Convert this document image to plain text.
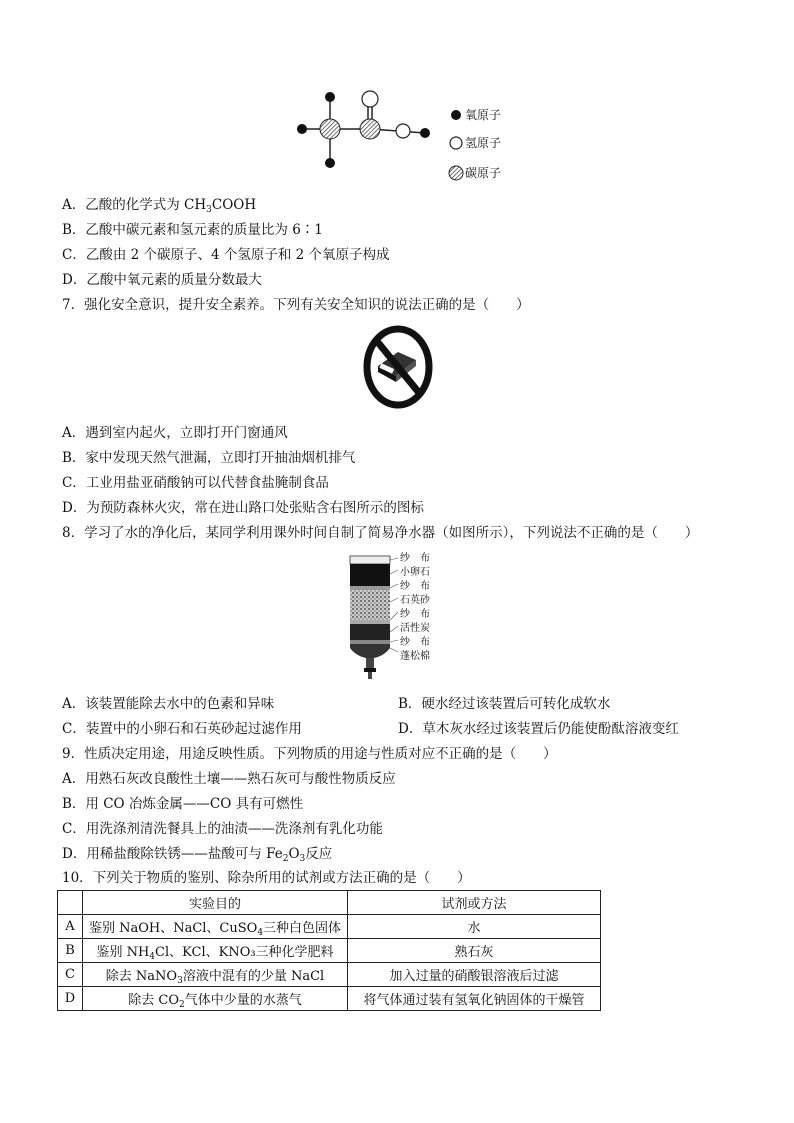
氧原子
氢原子
碳原子
A．乙酸的化学式为 $CH_3COOH$
B．乙酸中碳元素和氢元素的质量比为 6∶1
C．乙酸由 2 个碳原子、4 个氢原子和 2 个氧原子构成
D．乙酸中氧元素的质量分数最大
7．强化安全意识，提升安全素养。下列有关安全知识的说法正确的是（　　）
A．遇到室内起火，立即打开门窗通风
B．家中发现天然气泄漏，立即打开抽油烟机排气
C．工业用盐亚硝酸钠可以代替食盐腌制食品
D．为预防森林火灾，常在进山路口处张贴含右图所示的图标
8．学习了水的净化后，某同学利用课外时间自制了简易净水器（如图所示），下列说法不正确的是（　　）
纱　布
小卵石
纱　布
石英砂
纱　布
活性炭
纱　布
蓬松棉
A．该装置能除去水中的色素和异味	B．硬水经过该装置后可转化成软水
C．装置中的小卵石和石英砂起过滤作用	D．草木灰水经过该装置后仍能使酚酞溶液变红
9．性质决定用途，用途反映性质。下列物质的用途与性质对应不正确的是（　　）
A．用熟石灰改良酸性土壤——熟石灰可与酸性物质反应
B．用 CO 冶炼金属——CO 具有可燃性
C．用洗涤剂清洗餐具上的油渍——洗涤剂有乳化功能
D．用稀盐酸除铁锈——盐酸可与 $Fe_2O_3$反应
10．下列关于物质的鉴别、除杂所用的试剂或方法正确的是（　　）
	实验目的	试剂或方法
A	鉴别 NaOH、NaCl、CuSO$_4$三种白色固体	水
B	鉴别 $NH_4Cl$、KCl、KNO₃三种化学肥料	熟石灰
C	除去 NaNO$_3$溶液中混有的少量 NaCl	加入过量的硝酸银溶液后过滤
D	除去 $CO_2$气体中少量的水蒸气	将气体通过装有氢氧化钠固体的干燥管
